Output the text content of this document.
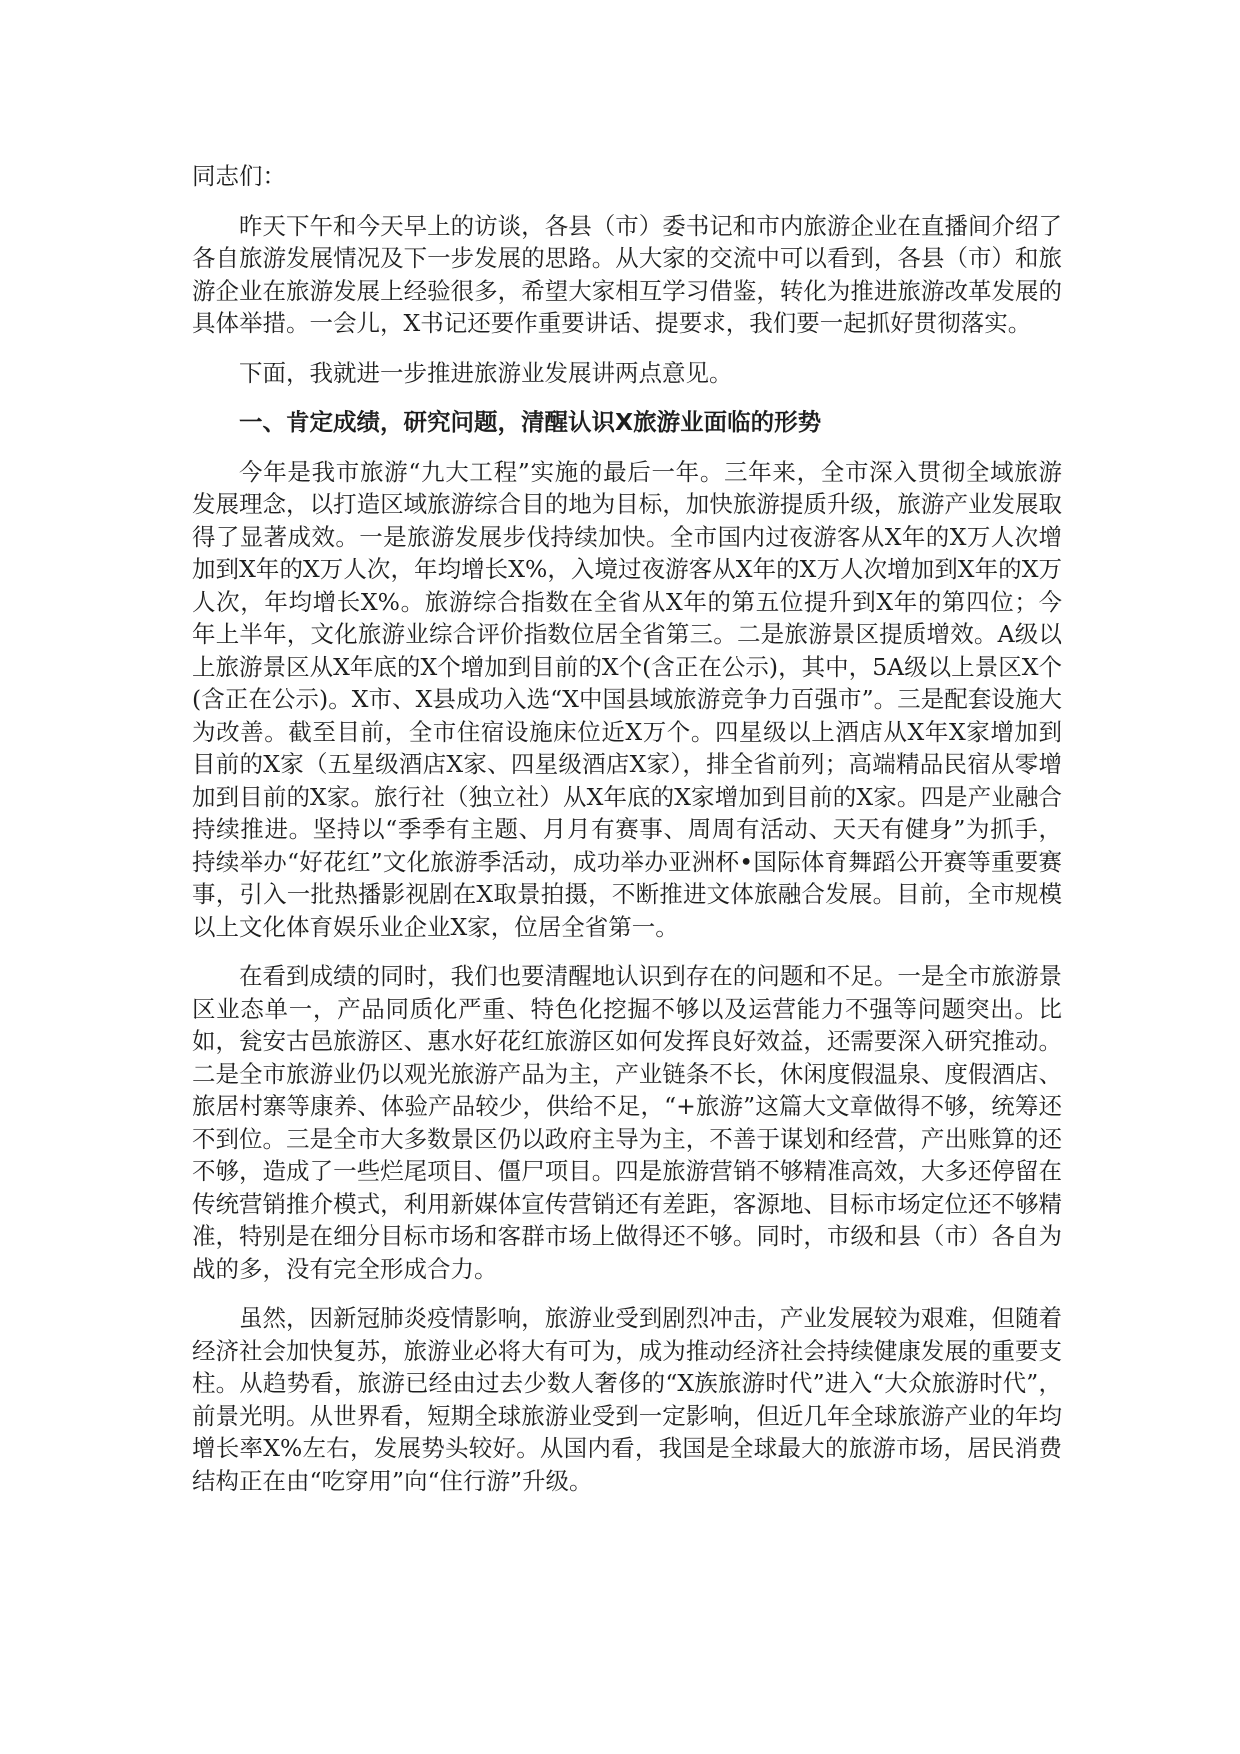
同志们：

昨天下午和今天早上的访谈，各县（市）委书记和市内旅游企业在直播间介绍了各自旅游发展情况及下一步发展的思路。从大家的交流中可以看到，各县（市）和旅游企业在旅游发展上经验很多，希望大家相互学习借鉴，转化为推进旅游改革发展的具体举措。一会儿，X书记还要作重要讲话、提要求，我们要一起抓好贯彻落实。

下面，我就进一步推进旅游业发展讲两点意见。

一、肯定成绩，研究问题，清醒认识X旅游业面临的形势

今年是我市旅游“九大工程”实施的最后一年。三年来，全市深入贯彻全域旅游发展理念，以打造区域旅游综合目的地为目标，加快旅游提质升级，旅游产业发展取得了显著成效。一是旅游发展步伐持续加快。全市国内过夜游客从X年的X万人次增加到X年的X万人次，年均增长X%，入境过夜游客从X年的X万人次增加到X年的X万人次，年均增长X%。旅游综合指数在全省从X年的第五位提升到X年的第四位；今年上半年，文化旅游业综合评价指数位居全省第三。二是旅游景区提质增效。A级以上旅游景区从X年底的X个增加到目前的X个(含正在公示)，其中，5A级以上景区X个(含正在公示)。X市、X县成功入选“X中国县域旅游竞争力百强市”。三是配套设施大为改善。截至目前，全市住宿设施床位近X万个。四星级以上酒店从X年X家增加到目前的X家（五星级酒店X家、四星级酒店X家），排全省前列；高端精品民宿从零增加到目前的X家。旅行社（独立社）从X年底的X家增加到目前的X家。四是产业融合持续推进。坚持以“季季有主题、月月有赛事、周周有活动、天天有健身”为抓手，持续举办“好花红”文化旅游季活动，成功举办亚洲杯•国际体育舞蹈公开赛等重要赛事，引入一批热播影视剧在X取景拍摄，不断推进文体旅融合发展。目前，全市规模以上文化体育娱乐业企业X家，位居全省第一。

在看到成绩的同时，我们也要清醒地认识到存在的问题和不足。一是全市旅游景区业态单一，产品同质化严重、特色化挖掘不够以及运营能力不强等问题突出。比如，瓮安古邑旅游区、惠水好花红旅游区如何发挥良好效益，还需要深入研究推动。二是全市旅游业仍以观光旅游产品为主，产业链条不长，休闲度假温泉、度假酒店、旅居村寨等康养、体验产品较少，供给不足，“+旅游”这篇大文章做得不够，统筹还不到位。三是全市大多数景区仍以政府主导为主，不善于谋划和经营，产出账算的还不够，造成了一些烂尾项目、僵尸项目。四是旅游营销不够精准高效，大多还停留在传统营销推介模式，利用新媒体宣传营销还有差距，客源地、目标市场定位还不够精准，特别是在细分目标市场和客群市场上做得还不够。同时，市级和县（市）各自为战的多，没有完全形成合力。

虽然，因新冠肺炎疫情影响，旅游业受到剧烈冲击，产业发展较为艰难，但随着经济社会加快复苏，旅游业必将大有可为，成为推动经济社会持续健康发展的重要支柱。从趋势看，旅游已经由过去少数人奢侈的“X族旅游时代”进入“大众旅游时代”，前景光明。从世界看，短期全球旅游业受到一定影响，但近几年全球旅游产业的年均增长率X%左右，发展势头较好。从国内看，我国是全球最大的旅游市场，居民消费结构正在由“吃穿用”向“住行游”升级。
